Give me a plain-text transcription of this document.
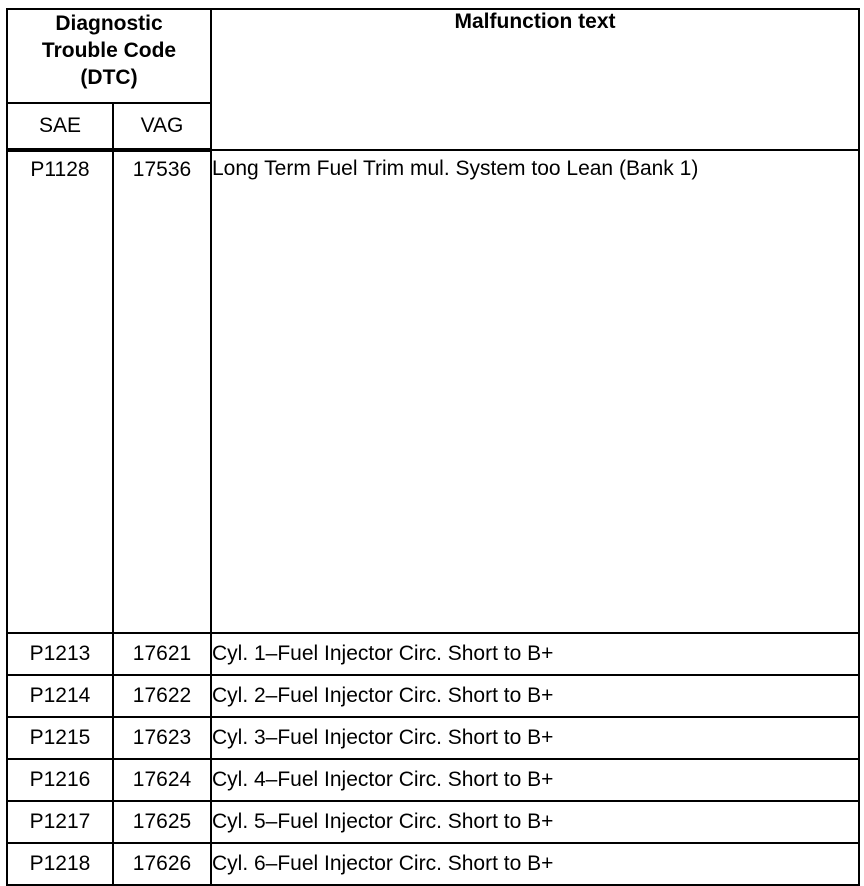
Diagnostic
Trouble Code
(DTC)		Malfunction text
SAE	VAG	
P1128	17536	Long Term Fuel Trim mul. System too Lean (Bank 1)
P1213	17621	Cyl. 1–Fuel Injector Circ. Short to B+
P1214	17622	Cyl. 2–Fuel Injector Circ. Short to B+
P1215	17623	Cyl. 3–Fuel Injector Circ. Short to B+
P1216	17624	Cyl. 4–Fuel Injector Circ. Short to B+
P1217	17625	Cyl. 5–Fuel Injector Circ. Short to B+
P1218	17626	Cyl. 6–Fuel Injector Circ. Short to B+
